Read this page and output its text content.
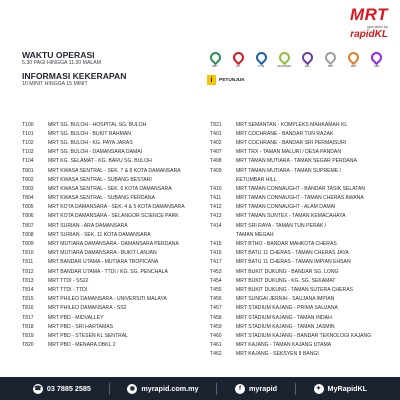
MRT
operated by
rapidKL
WAKTU OPERASI
5.30 PAGI HINGGA 11.30 MALAM
INFORMASI KEKERAPAN
10 MINIT HINGGA 15 MINIT
MRT	LRT	KTM	MONORAIL	ERL	BRT	MRT	MRT
i	PETUNJUK
T100	MRT SG. BULOH - HOSPITAL SG. BULOH
T101	MRT SG. BULOH - BUKIT RAHMAN
T102	MRT SG. BULOH - KG. PAYA JARAS
T103	MRT SG. BULOH - DAMANSARA DAMAI
T104	MRT KG. SELAMAT - KG. BARU SG. BULOH
T801	MRT KWASA SENTRAL - SEK. 7 & 8 KOTA DAMANSARA
T802	MRT KWASA SENTRAL - SUBANG BESTARI
T803	MRT KWASA SENTRAL - SEK. 6 KOTA DAMANSARA
T804	MRT KWASA SENTRAL - SUBANG PERDANA
T805	MRT KOTA DAMANSARA - SEK. 4 & 5 KOTA DAMANSARA
T806	MRT KOTA DAMANSARA - SELANGOR SCIENCE PARK
T807	MRT SURIAN - ARA DAMANSARA
T808	MRT SURIAN - SEK. 11 KOTA DAMANSARA
T809	MRT MUTIARA DAMANSARA - DAMANSARA PERDANA
T810	MRT MUTIARA DAMANSARA - BUKIT LANJAN
T811	MRT BANDAR UTAMA - MUTIARA TROPICANA
T812	MRT BANDAR UTAMA - TTDI / KG. SG. PENCHALA
T813	MRT TTDI - SS22
T814	MRT TTDI - TTDI
T815	MRT PHILEO DAMANSARA - UNIVERSITI MALAYA
T816	MRT PHILEO DAMANSARA - SS2
T817	MRT PBD - MIDVALLEY
T818	MRT PBD - SRI HARTAMAS
T819	MRT PBD - STESEN KL SENTRAL
T820	MRT PBD - MENARA DBKL 2
T821	MRT SEMANTAN - KOMPLEKS MAHKAMAH KL
T401	MRT COCHRANE - BANDAR TUN RAZAK
T402	MRT COCHRANE - BANDAR SRI PERMAISURI
T407	MRT TRX - TAMAN MALURI / DESA PANDAN
T408	MRT TAMAN MUTIARA - TAMAN SEGAR PERDANA
T409	MRT TAMAN MUTIARA - TAMAN SUPREME /
KETUMBAR HILL
T410	MRT TAMAN CONNAUGHT - BANDAR TASIK SELATAN
T411	MRT TAMAN CONNAUGHT - TAMAN CHERAS AWANA
T412	MRT TAMAN CONNAUGHT - ALAM DAMAI
T413	MRT TAMAN SUNTEX - TAMAN KEMACAHAYA
T414	MRT SRI RAYA - TAMAN TUN PERAK /
TAMAN MEGAH
T415	MRT BTHO - BANDAR MAHKOTA CHERAS
T416	MRT BATU 11 CHERAS - TAMAN CHERAS JAYA
T417	MRT BATU 11 CHERAS - TAMAN IMPIAN EHSAN
T453	MRT BUKIT DUKUNG - BANDAR SG. LONG
T454	MRT BUKIT DUKUNG - KG. SG. SEKAMAT
T455	MRT BUKIT DUKUNG - TAMAN SUTERA CHERAS
T456	MRT SUNGAI JERNIH - SAUJANA IMPIAN
T457	MRT STADIUM KAJANG - PRIMA SAUJANA
T458	MRT STADIUM KAJANG - TAMAN INDAH
T459	MRT STADIUM KAJANG - TAMAN JASMIN
T460	MRT STADIUM KAJANG - BANDAR TEKNOLOGI KAJANG
T461	MRT KAJANG - TAMAN KAJANG UTAMA
T462	MRT KAJANG - SEKSYEN 8 BANGI
☎ 03 7885 2585	◉ myrapid.com.my	f	myrapid	✦ MyRapidKL
